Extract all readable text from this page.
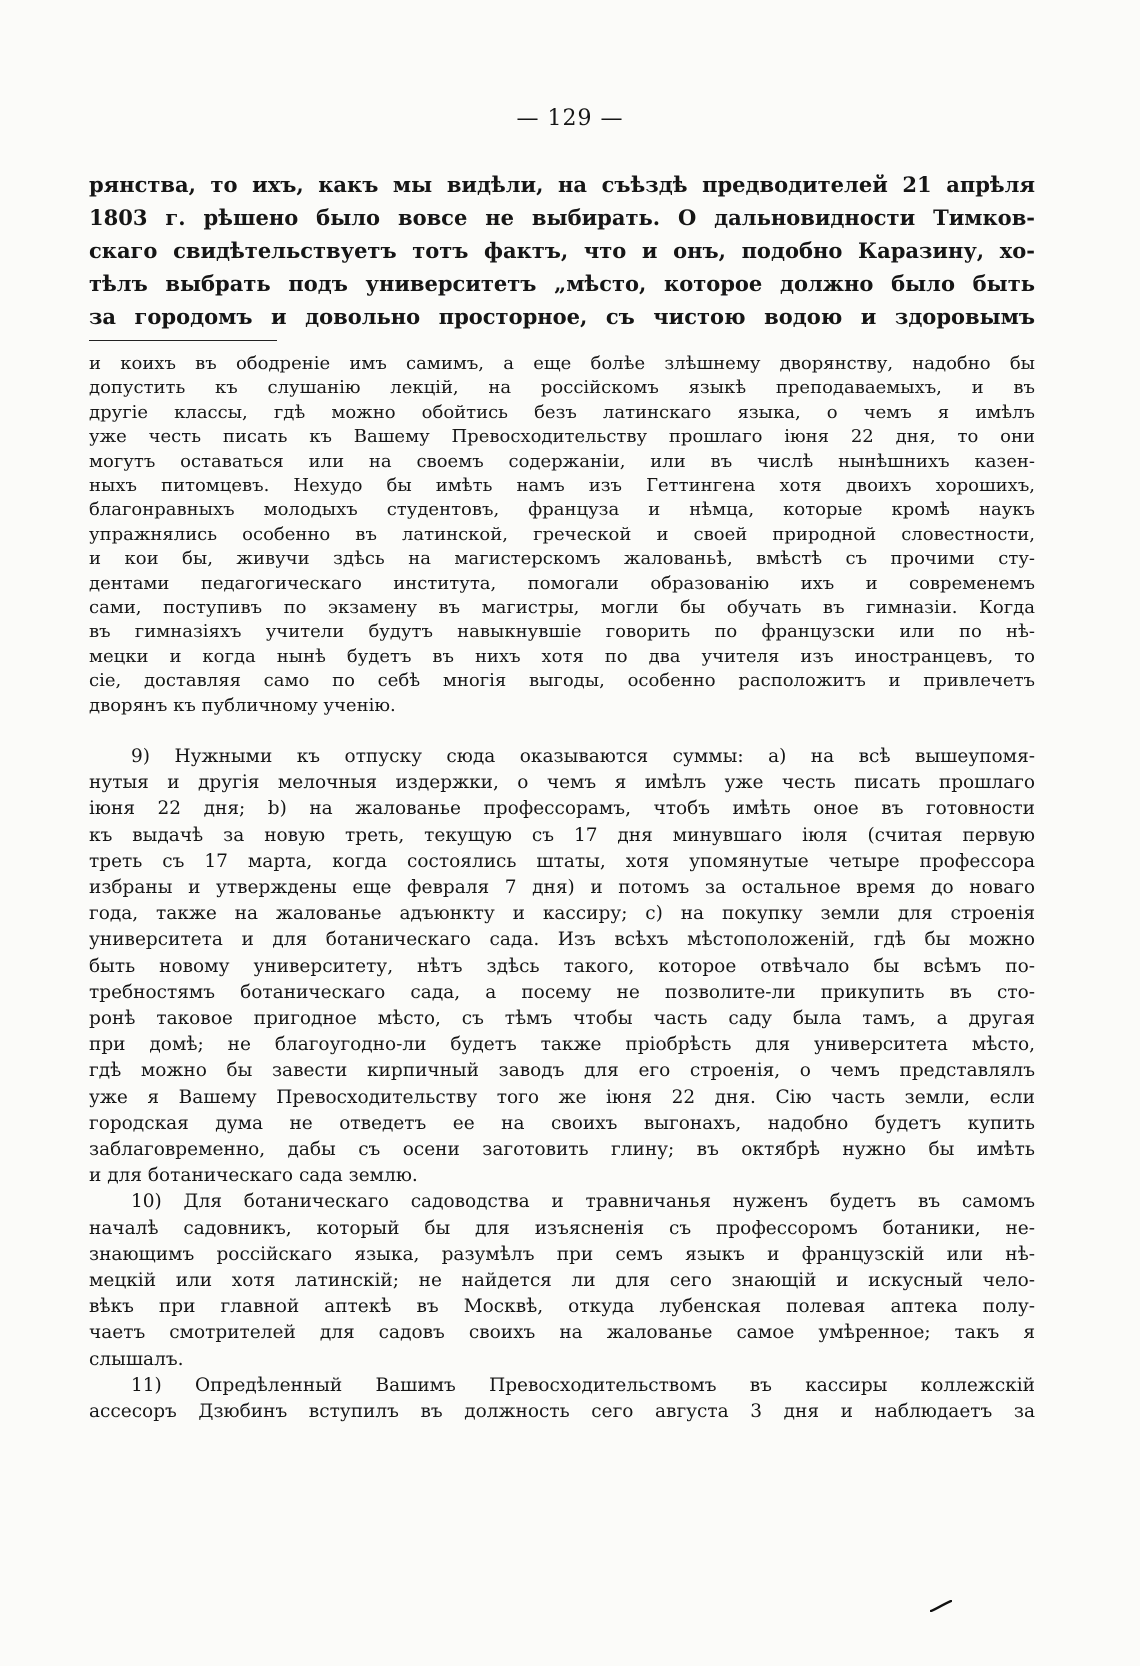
— 129 —
рянства, то ихъ, какъ мы видѣли, на съѣздѣ предводителей 21 апрѣля
1803 г. рѣшено было вовсе не выбирать. О дальновидности Тимков-
скаго свидѣтельствуетъ тотъ фактъ, что и онъ, подобно Каразину, хо-
тѣлъ выбрать подъ университетъ „мѣсто, которое должно было быть
за городомъ и довольно просторное, съ чистою водою и здоровымъ
и коихъ въ ободреніе имъ самимъ, а еще болѣе злѣшнему дворянству, надобно бы
допустить къ слушанію лекцій, на россійскомъ языкѣ преподаваемыхъ, и въ
другіе классы, гдѣ можно обойтись безъ латинскаго языка, о чемъ я имѣлъ
уже честь писать къ Вашему Превосходительству прошлаго іюня 22 дня, то они
могутъ оставаться или на своемъ содержаніи, или въ числѣ нынѣшнихъ казен-
ныхъ питомцевъ. Нехудо бы имѣть намъ изъ Геттингена хотя двоихъ хорошихъ,
благонравныхъ молодыхъ студентовъ, француза и нѣмца, которые кромѣ наукъ
упражнялись особенно въ латинской, греческой и своей природной словестности,
и кои бы, живучи здѣсь на магистерскомъ жалованьѣ, вмѣстѣ съ прочими сту-
дентами педагогическаго института, помогали образованію ихъ и современемъ
сами, поступивъ по экзамену въ магистры, могли бы обучать въ гимназіи. Когда
въ гимназіяхъ учители будутъ навыкнувшіе говорить по французски или по нѣ-
мецки и когда нынѣ будетъ въ нихъ хотя по два учителя изъ иностранцевъ, то
сіе, доставляя само по себѣ многія выгоды, особенно расположитъ и привлечетъ
дворянъ къ публичному ученію.
9) Нужными къ отпуску сюда оказываются суммы: a) на всѣ вышеупомя-
нутыя и другія мелочныя издержки, о чемъ я имѣлъ уже честь писать прошлаго
іюня 22 дня; b) на жалованье профессорамъ, чтобъ имѣть оное въ готовности
къ выдачѣ за новую треть, текущую съ 17 дня минувшаго іюля (считая первую
треть съ 17 марта, когда состоялись штаты, хотя упомянутые четыре профессора
избраны и утверждены еще февраля 7 дня) и потомъ за остальное время до новаго
года, также на жалованье адъюнкту и кассиру; c) на покупку земли для строенія
университета и для ботаническаго сада. Изъ всѣхъ мѣстоположеній, гдѣ бы можно
быть новому университету, нѣтъ здѣсь такого, которое отвѣчало бы всѣмъ по-
требностямъ ботаническаго сада, а посему не позволите-ли прикупить въ сто-
ронѣ таковое пригодное мѣсто, съ тѣмъ чтобы часть саду была тамъ, а другая
при домѣ; не благоугодно-ли будетъ также пріобрѣсть для университета мѣсто,
гдѣ можно бы завести кирпичный заводъ для его строенія, о чемъ представлялъ
уже я Вашему Превосходительству того же іюня 22 дня. Сію часть земли, если
городская дума не отведетъ ее на своихъ выгонахъ, надобно будетъ купить
заблаговременно, дабы съ осени заготовить глину; въ октябрѣ нужно бы имѣть
и для ботаническаго сада землю.
10) Для ботаническаго садоводства и травничанья нуженъ будетъ въ самомъ
началѣ садовникъ, который бы для изъясненія съ профессоромъ ботаники, не-
знающимъ россійскаго языка, разумѣлъ при семъ языкъ и французскій или нѣ-
мецкій или хотя латинскій; не найдется ли для сего знающій и искусный чело-
вѣкъ при главной аптекѣ въ Москвѣ, откуда лубенская полевая аптека полу-
чаетъ смотрителей для садовъ своихъ на жалованье самое умѣренное; такъ я
слышалъ.
11) Опредѣленный Вашимъ Превосходительствомъ въ кассиры коллежскій
ассесоръ Дзюбинъ вступилъ въ должность сего августа 3 дня и наблюдаетъ за
